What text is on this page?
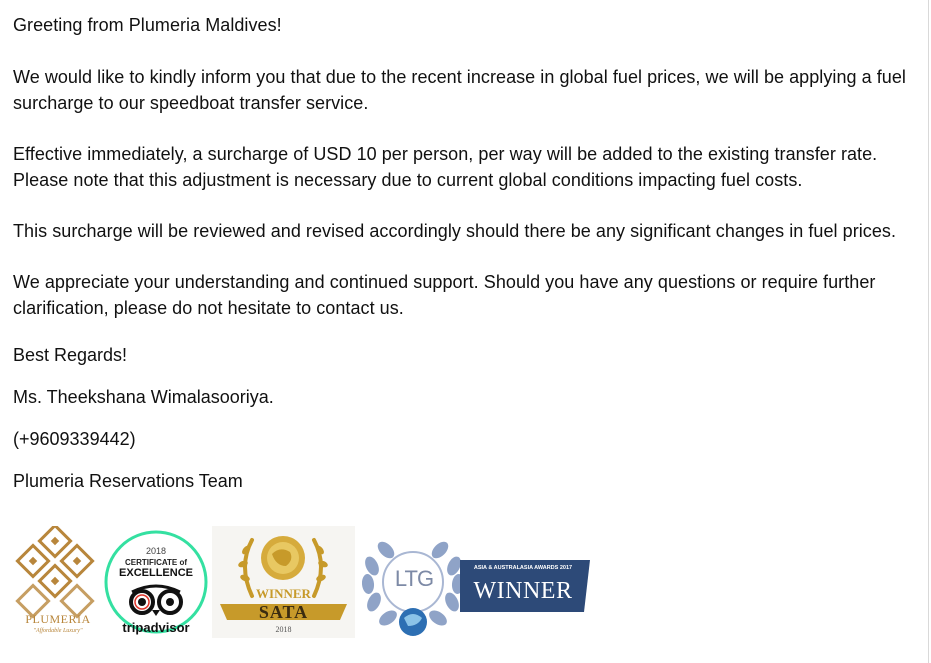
Greeting from Plumeria Maldives!

We would like to kindly inform you that due to the recent increase in global fuel prices, we will be applying a fuel surcharge to our speedboat transfer service.

Effective immediately, a surcharge of USD 10 per person, per way will be added to the existing transfer rate. Please note that this adjustment is necessary due to current global conditions impacting fuel costs.

This surcharge will be reviewed and revised accordingly should there be any significant changes in fuel prices.

We appreciate your understanding and continued support. Should you have any questions or require further clarification, please do not hesitate to contact us.

Best Regards!

Ms. Theekshana Wimalasooriya.

(+9609339442)

Plumeria Reservations Team

PLUMERIA
"Affordable Luxury"
2018
CERTIFICATE of
EXCELLENCE
tripadvisor
WINNER
SATA
2018
LTG	ASIA & AUSTRALASIA AWARDS 2017
WINNER
